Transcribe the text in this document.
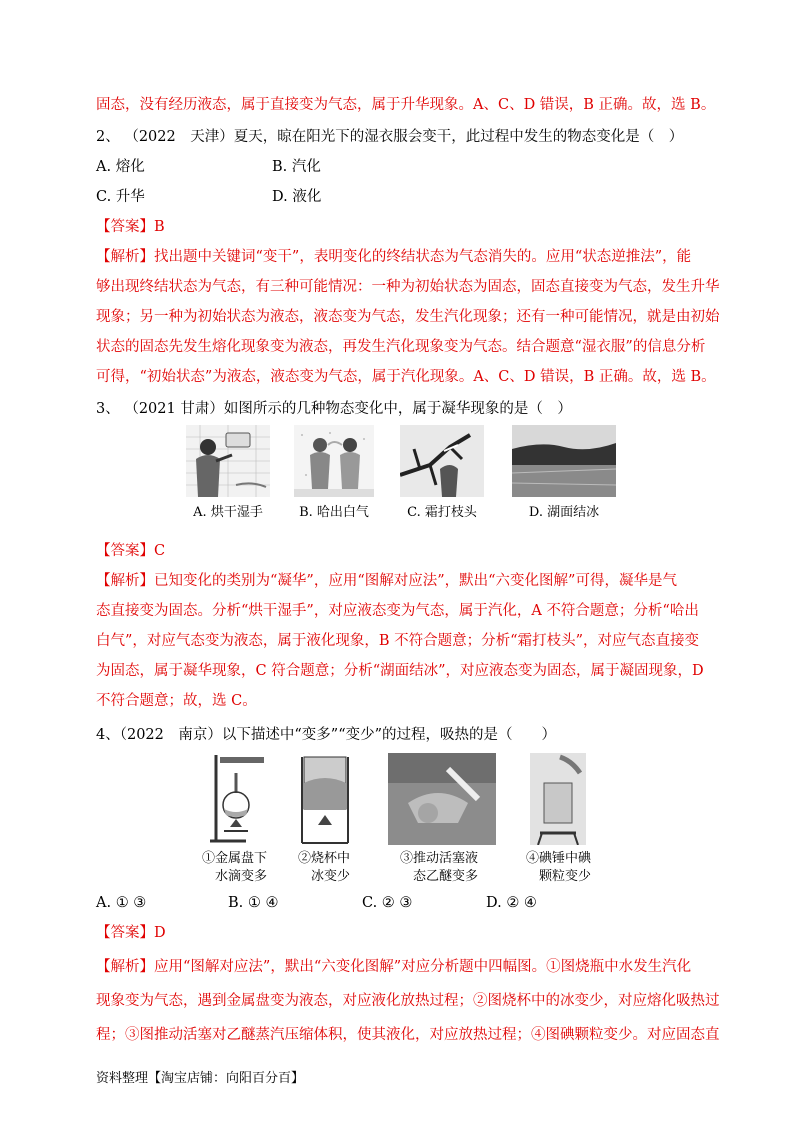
固态，没有经历液态，属于直接变为气态，属于升华现象。A、C、D 错误，B 正确。故，选 B。
2、 （2022　天津）夏天，晾在阳光下的湿衣服会变干，此过程中发生的物态变化是（　）
A. 熔化	B. 汽化
C. 升华	D. 液化
【答案】B
【解析】找出题中关键词“变干”，表明变化的终结状态为气态消失的。应用“状态逆推法”，能
够出现终结状态为气态，有三种可能情况：一种为初始状态为固态，固态直接变为气态，发生升华
现象；另一种为初始状态为液态，液态变为气态，发生汽化现象；还有一种可能情况，就是由初始
状态的固态先发生熔化现象变为液态，再发生汽化现象变为气态。结合题意“湿衣服”的信息分析
可得，“初始状态”为液态，液态变为气态，属于汽化现象。A、C、D 错误，B 正确。故，选 B。
3、 （2021 甘肃）如图所示的几种物态变化中，属于凝华现象的是（　）
A. 烘干湿手	B. 哈出白气	C. 霜打枝头	D. 湖面结冰
【答案】C
【解析】已知变化的类别为“凝华”，应用“图解对应法”，默出“六变化图解”可得，凝华是气
态直接变为固态。分析“烘干湿手”，对应液态变为气态，属于汽化，A 不符合题意；分析“哈出
白气”，对应气态变为液态，属于液化现象，B 不符合题意；分析“霜打枝头”，对应气态直接变
为固态，属于凝华现象，C 符合题意；分析“湖面结冰”，对应液态变为固态，属于凝固现象，D
不符合题意；故，选 C。
4、（2022　南京）以下描述中“变多”“变少”的过程，吸热的是（　　）
①金属盘下
水滴变多
②烧杯中
冰变少
③推动活塞液
态乙醚变多
④碘锤中碘
颗粒变少
A. ① ③	B. ① ④	C. ② ③	D. ② ④
【答案】D
【解析】应用“图解对应法”，默出“六变化图解”对应分析题中四幅图。①图烧瓶中水发生汽化
现象变为气态，遇到金属盘变为液态，对应液化放热过程；②图烧杯中的冰变少，对应熔化吸热过
程；③图推动活塞对乙醚蒸汽压缩体积，使其液化，对应放热过程；④图碘颗粒变少。对应固态直
资料整理【淘宝店铺：向阳百分百】
